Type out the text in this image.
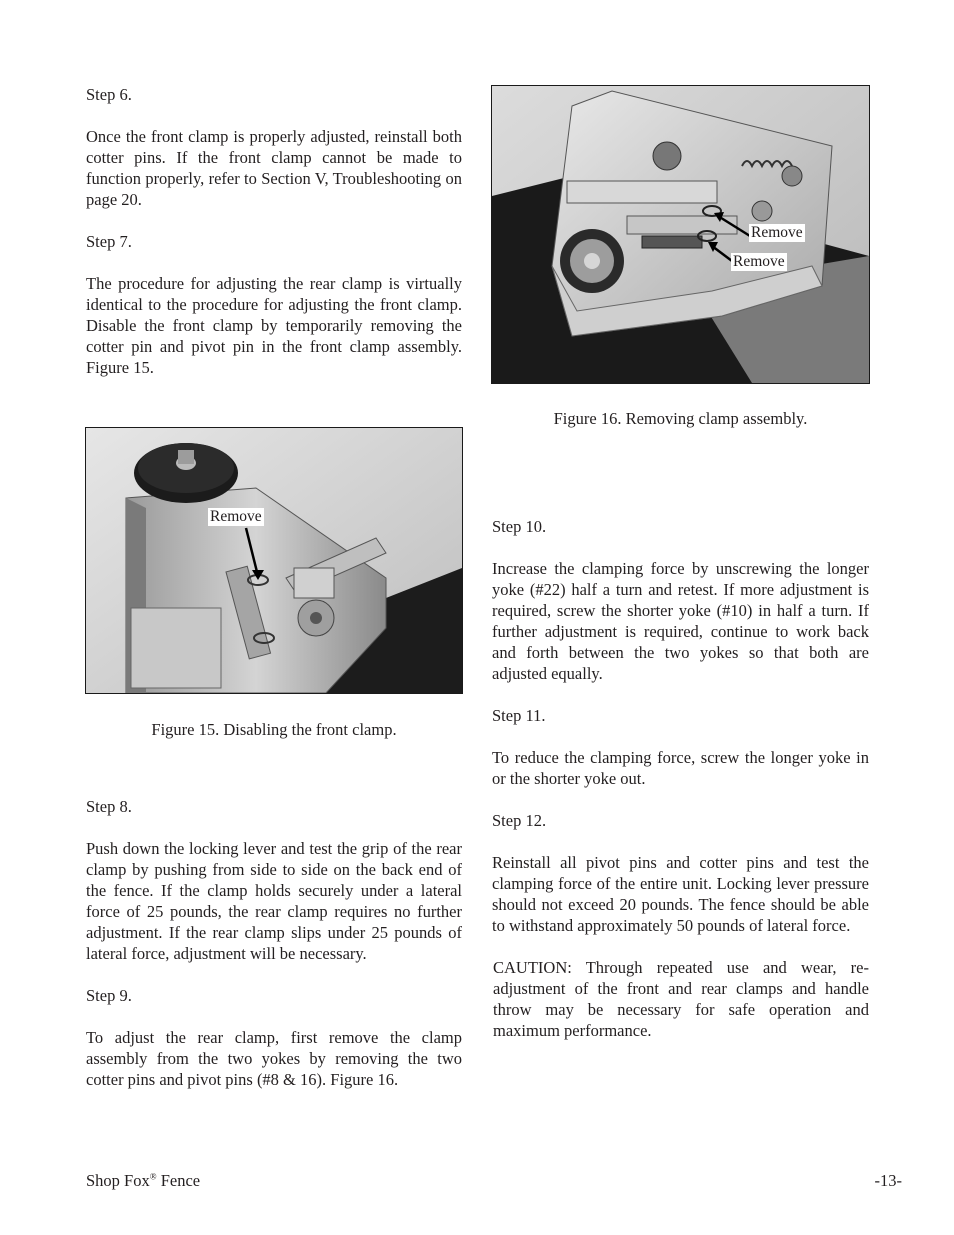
Step 6.

Once the front clamp is properly adjusted, reinstall both cotter pins. If the front clamp cannot be made to function properly, refer to Section V, Troubleshooting on page 20.

Step 7.

The procedure for adjusting the rear clamp is virtually identical to the procedure for adjusting the front clamp. Disable the front clamp by temporarily removing the cotter pin and pivot pin in the front clamp assembly. Figure 15.

Remove
Figure 15. Disabling the front clamp.

Step 8.

Push down the locking lever and test the grip of the rear clamp by pushing from side to side on the back end of the fence. If the clamp holds securely under a lateral force of 25 pounds, the rear clamp requires no further adjustment. If the rear clamp slips under 25 pounds of lateral force, adjustment will be necessary.

Step 9.

To adjust the rear clamp, first remove the clamp assembly from the two yokes by removing the two cotter pins and pivot pins (#8 & 16). Figure 16.

Remove
Remove
Figure 16. Removing clamp assembly.

Step 10.

Increase the clamping force by unscrewing the longer yoke (#22) half a turn and retest. If more adjustment is required, screw the shorter yoke (#10) in half a turn. If further adjustment is required, continue to work back and forth between the two yokes so that both are adjusted equally.

Step 11.

To reduce the clamping force, screw the longer yoke in or the shorter yoke out.

Step 12.

Reinstall all pivot pins and cotter pins and test the clamping force of the entire unit. Locking lever pressure should not exceed 20 pounds. The fence should be able to withstand approximately 50 pounds of lateral force.

CAUTION: Through repeated use and wear, re-adjustment of the front and rear clamps and handle throw may be necessary for safe operation and maximum performance.

Shop Fox® Fence	-13-
